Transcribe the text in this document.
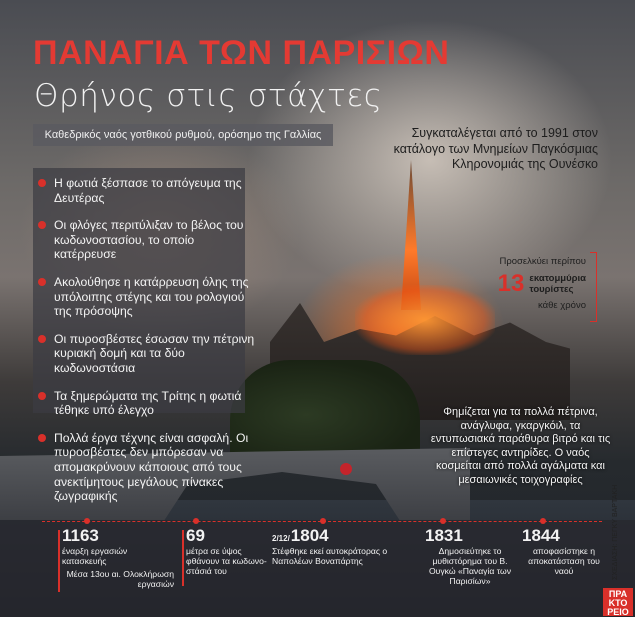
ΠΑΝΑΓΙΑ ΤΩΝ ΠΑΡΙΣΙΩΝ
Θρήνος στις στάχτες
Καθεδρικός ναός γοτθικού ρυθμού, ορόσημο της Γαλλίας
Η φωτιά ξέσπασε το απόγευμα της Δευτέρας
Οι φλόγες περιτύλιξαν το βέλος του κωδωνοστασίου, το οποίο κατέρρευσε
Ακολούθησε η κατάρρευση όλης της υπόλοιπης στέγης και του ρολογιού της πρόσοψης
Οι πυροσβέστες έσωσαν την πέτρινη κυριακή δομή και τα δύο κωδωνοστάσια
Τα ξημερώματα της Τρίτης η φωτιά τέθηκε υπό έλεγχο
Πολλά έργα τέχνης είναι ασφαλή. Οι πυροσβέστες δεν μπόρεσαν να απομακρύνουν κάποιους από τους ανεκτίμητους μεγάλους πίνακες ζωγραφικής
Συγκαταλέγεται από το 1991 στον κατάλογο των Μνημείων Παγκόσμιας Κληρονομιάς της Ουνέσκο
Προσελκύει περίπου
13 εκατομμύρια
τουρίστες
κάθε χρόνο
Φημίζεται για τα πολλά πέτρινα, ανάγλυφα, γκαργκόιλ, τα εντυπωσιακά παράθυρα βιτρό και τις επίστεγες αντηρίδες. Ο ναός κοσμείται από πολλά αγάλματα και μεσαιωνικές τοιχογραφίες
1163
έναρξη εργασιών κατασκευής
Μέσα 13ου αι. Ολοκλήρωση εργασιών
69
μέτρα σε ύψος φθάνουν τα κωδωνο-στάσιά του
2/12/1804
Στέφθηκε εκεί αυτοκράτορας ο Ναπολέων Βοναπάρτης
1831
Δημοσιεύτηκε το μυθιστόρημα του Β. Ουγκώ «Παναγία των Παρισίων»
1844
αποφασίστηκε η αποκατάσταση του ναού	ΣΧΕΔΙΑΣΗ: ΠΕΓΚΥ ΒΑΡΤΑΚΗ
ΠΡΑ
ΚΤΟ
ΡΕΙΟ
